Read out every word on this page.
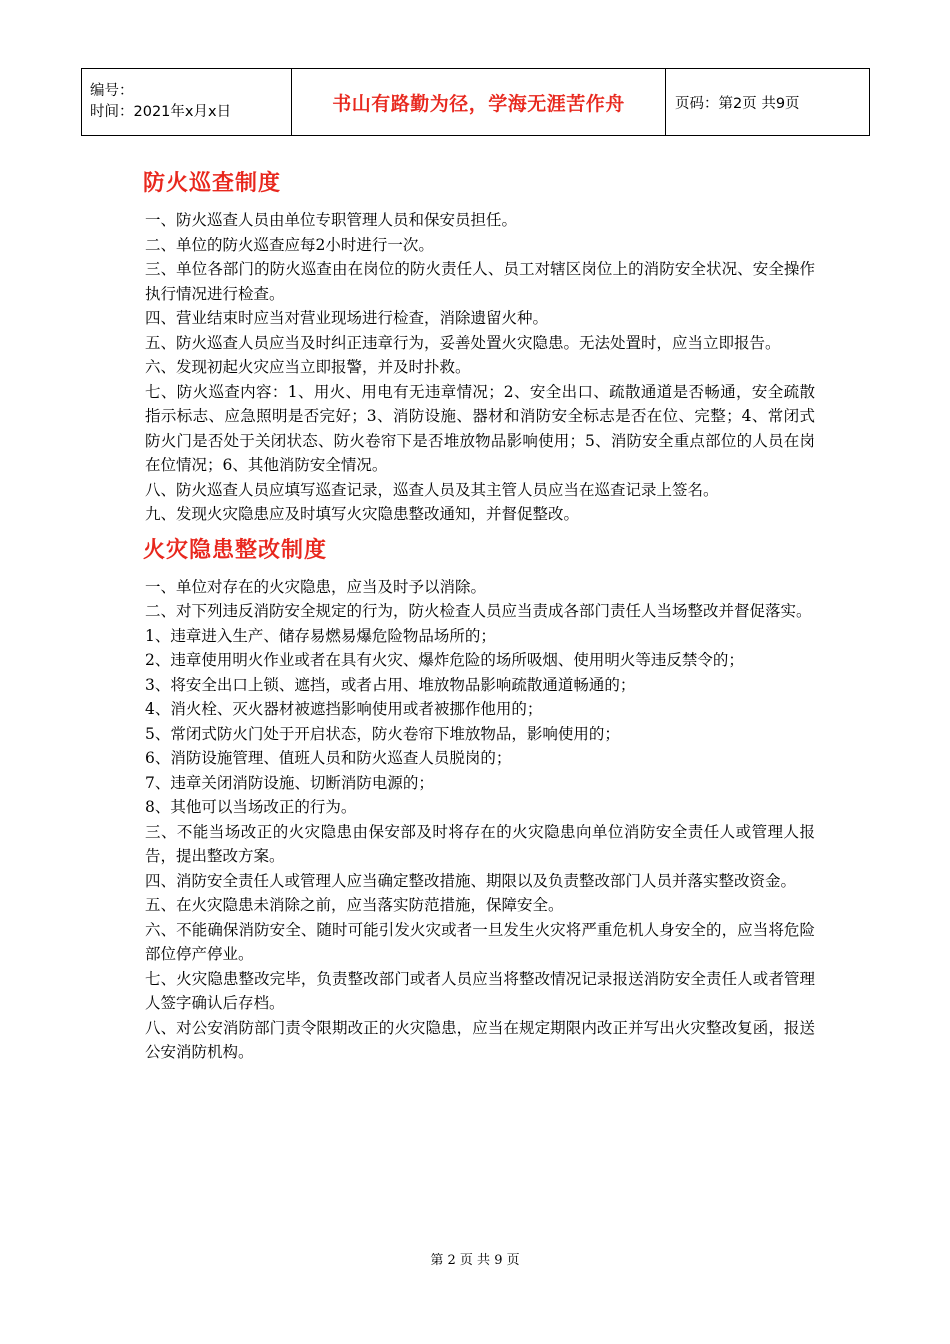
编号：
时间：2021年x月x日	书山有路勤为径，学海无涯苦作舟	页码：第2页 共9页
防火巡查制度

一、防火巡查人员由单位专职管理人员和保安员担任。

二、单位的防火巡查应每2小时进行一次。

三、单位各部门的防火巡查由在岗位的防火责任人、员工对辖区岗位上的消防安全状况、安全操作执行情况进行检查。

四、营业结束时应当对营业现场进行检查，消除遗留火种。

五、防火巡查人员应当及时纠正违章行为，妥善处置火灾隐患。无法处置时，应当立即报告。

六、发现初起火灾应当立即报警，并及时扑救。

七、防火巡查内容：1、用火、用电有无违章情况；2、安全出口、疏散通道是否畅通，安全疏散指示标志、应急照明是否完好；3、消防设施、器材和消防安全标志是否在位、完整；4、常闭式防火门是否处于关闭状态、防火卷帘下是否堆放物品影响使用；5、消防安全重点部位的人员在岗在位情况；6、其他消防安全情况。

八、防火巡查人员应填写巡查记录，巡查人员及其主管人员应当在巡查记录上签名。

九、发现火灾隐患应及时填写火灾隐患整改通知，并督促整改。

火灾隐患整改制度

一、单位对存在的火灾隐患，应当及时予以消除。

二、对下列违反消防安全规定的行为，防火检查人员应当责成各部门责任人当场整改并督促落实。

1、违章进入生产、储存易燃易爆危险物品场所的；

2、违章使用明火作业或者在具有火灾、爆炸危险的场所吸烟、使用明火等违反禁令的；

3、将安全出口上锁、遮挡，或者占用、堆放物品影响疏散通道畅通的；

4、消火栓、灭火器材被遮挡影响使用或者被挪作他用的；

5、常闭式防火门处于开启状态，防火卷帘下堆放物品，影响使用的；

6、消防设施管理、值班人员和防火巡查人员脱岗的；

7、违章关闭消防设施、切断消防电源的；

8、其他可以当场改正的行为。

三、不能当场改正的火灾隐患由保安部及时将存在的火灾隐患向单位消防安全责任人或管理人报告，提出整改方案。

四、消防安全责任人或管理人应当确定整改措施、期限以及负责整改部门人员并落实整改资金。

五、在火灾隐患未消除之前，应当落实防范措施，保障安全。

六、不能确保消防安全、随时可能引发火灾或者一旦发生火灾将严重危机人身安全的，应当将危险部位停产停业。

七、火灾隐患整改完毕，负责整改部门或者人员应当将整改情况记录报送消防安全责任人或者管理人签字确认后存档。

八、对公安消防部门责令限期改正的火灾隐患，应当在规定期限内改正并写出火灾整改复函，报送公安消防机构。

第 2 页 共 9 页
